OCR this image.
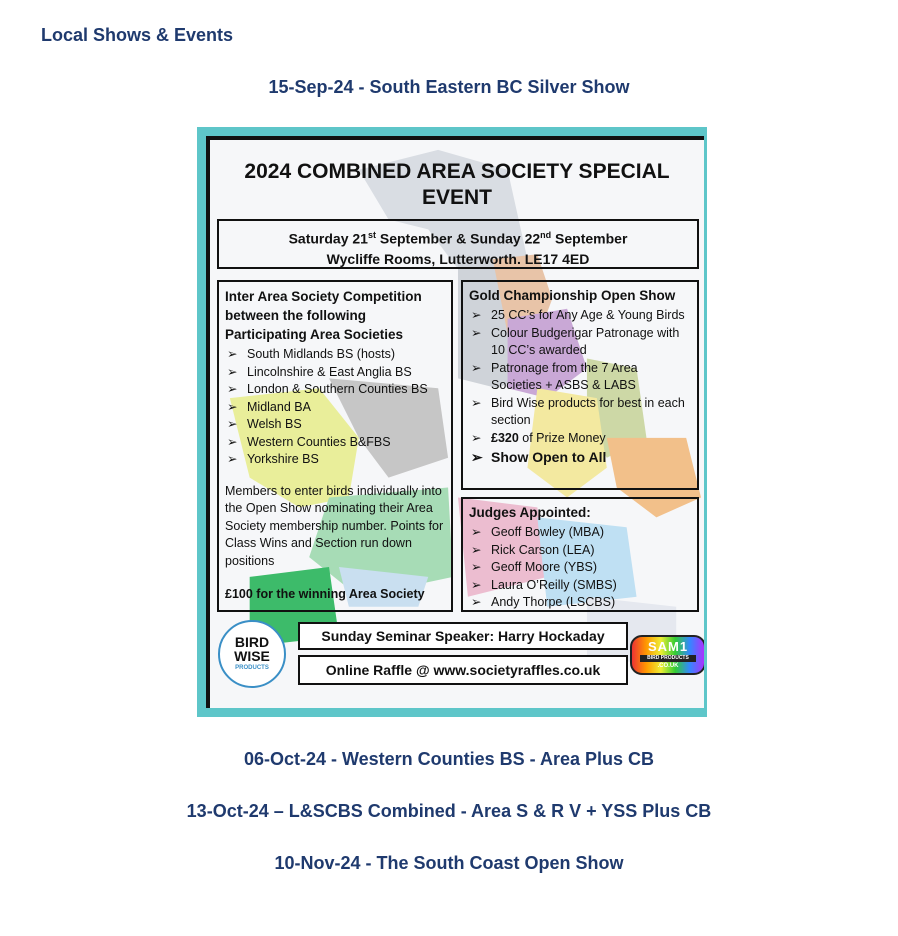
Local Shows & Events
15-Sep-24 - South Eastern BC Silver Show
2024 COMBINED AREA SOCIETY SPECIAL
EVENT
Saturday 21st September & Sunday 22nd September
Wycliffe Rooms, Lutterworth. LE17 4ED
Inter Area Society Competition
between the following
Participating Area Societies
➢ South Midlands BS (hosts)
➢ Lincolnshire & East Anglia BS
➢ London & Southern Counties BS
➢ Midland BA
➢ Welsh BS
➢ Western Counties B&FBS
➢ Yorkshire BS
Members to enter birds individually into the Open Show nominating their Area Society membership number. Points for Class Wins and Section run down positions
£100 for the winning Area Society
Gold Championship Open Show
➢ 25 CC’s for Any Age & Young Birds
➢ Colour Budgerigar Patronage with 10 CC’s awarded
➢ Patronage from the 7 Area Societies + ASBS & LABS
➢ Bird Wise products for best in each section
➢ £320 of Prize Money
➢ Show Open to All
Judges Appointed:
➢ Geoff Bowley (MBA)
➢ Rick Carson (LEA)
➢ Geoff Moore (YBS)
➢ Laura O’Reilly (SMBS)
➢ Andy Thorpe (LSCBS)
BIRD
WISE
PRODUCTS
Sunday Seminar Speaker: Harry Hockaday
Online Raffle @ www.societyraffles.co.uk
SAM1
BIRD PRODUCTS
.CO.UK
06-Oct-24 - Western Counties BS - Area Plus CB
13-Oct-24 – L&SCBS Combined - Area S & R V + YSS Plus CB
10-Nov-24 - The South Coast Open Show
